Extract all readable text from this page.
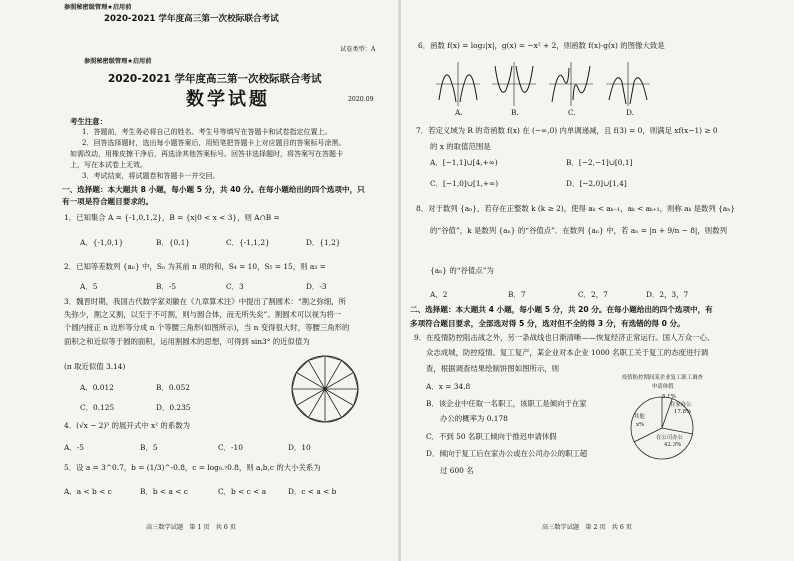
参照秘密级管理★启用前
2020-2021 学年度高三第一次校际联合考试
试卷类型：A
参照秘密级管理★启用前
2020-2021 学年度高三第一次校际联合考试
数学试题	2020.09
考生注意：
1．答题前，考生务必将自己的姓名、考生号等填写在答题卡和试卷指定位置上。
2．回答选择题时，选出每小题答案后，用铅笔把答题卡上对应题目的答案标号涂黑。
如需改动，用橡皮擦干净后，再选涂其他答案标号。回答非选择题时，将答案写在答题卡
上，写在本试卷上无效。
3．考试结束，将试题卷和答题卡一并交回。
一、选择题：本大题共 8 小题，每小题 5 分，共 40 分。在每小题给出的四个选项中，只
有一项是符合题目要求的。
1．已知集合 A = {-1,0,1,2}，B = {x|0 < x < 3}，则 A∩B =
A．{-1,0,1}	B．{0,1}	C．{-1,1,2}	D．{1,2}
2．已知等差数列 {aₙ} 中，Sₙ 为其前 n 项的和，S₄ = 10，S₅ = 15，则 a₃ =
A．5	B．-5	C．3	D．-3
3．魏晋时期，我国古代数学家刘徽在《九章算术注》中提出了割圆术：“割之弥细，所
失弥少，割之又割，以至于不可割，则与圆合体，而无所失矣”。割圆术可以视为将一
个圆内接正 n 边形等分成 n 个等腰三角形(如图所示)，当 n 变得很大时，等腰三角形的
面积之和近似等于圆的面积，运用割圆术的思想，可得到 sin3° 的近似值为
(π 取近似值 3.14)
A．0.012	B．0.052
C．0.125	D．0.235
4．(√x − 2)⁵ 的展开式中 x² 的系数为
A．-5	B．5	C．-10	D．10
5．设 a = 3^0.7，b = (1/3)^-0.8，c = log₀.₇0.8，则 a,b,c 的大小关系为
A．a < b < c	B．b < a < c	C．b < c < a	D．c < a < b
高三数学试题　第 1 页　共 6 页
6．函数 f(x) = log₂|x|，g(x) = −x² + 2，则函数 f(x)·g(x) 的图像大致是
A.	B.	C.	D.
7．若定义域为 R 的奇函数 f(x) 在 (−∞,0) 内单调递减，且 f(3) = 0，则满足 xf(x−1) ≥ 0
的 x 的取值范围是
A．[−1,1]∪[4,+∞)	B．[−2,−1]∪[0,1]
C．[−1,0]∪[1,+∞)	D．[−2,0]∪[1,4]
8．对于数列 {aₙ}，若存在正整数 k (k ≥ 2)，使得 aₖ < aₖ₋₁，aₖ < aₖ₊₁，则称 aₖ 是数列 {aₙ}
的“谷值”，k 是数列 {aₙ} 的“谷值点”．在数列 {aₙ} 中，若 aₙ = |n + 9/n − 8|，则数列
{aₙ} 的“谷值点”为
A．2	B．7	C．2，7	D．2，3，7
二、选择题：本大题共 4 小题，每小题 5 分，共 20 分。在每小题给出的四个选项中，有
多项符合题目要求，全部选对得 5 分，选对但不全的得 3 分，有选错的得 0 分。
9．在疫情防控阻击战之外，另一条战线也日渐清晰——恢复经济正常运行。国人万众一心、
众志成城，防控疫情、复工复产，某企业对本企业 1000 名职工关于复工的态度进行调
查，根据调查结果绘制饼图如图所示，则
A．x = 34.8
B．该企业中任取一名职工，该职工是倾向于在家
办公的概率为 0.178
C．不到 50 名职工倾向于推迟申请休假
D．倾向于复工后在家办公或在公司办公的职工超
过 600 名
疫情防控期间某企业复工职工调查
申请休假
5.1%
在家办公
17.8%
其他
x%
在公司办公
42.3%
高三数学试题　第 2 页　共 6 页
